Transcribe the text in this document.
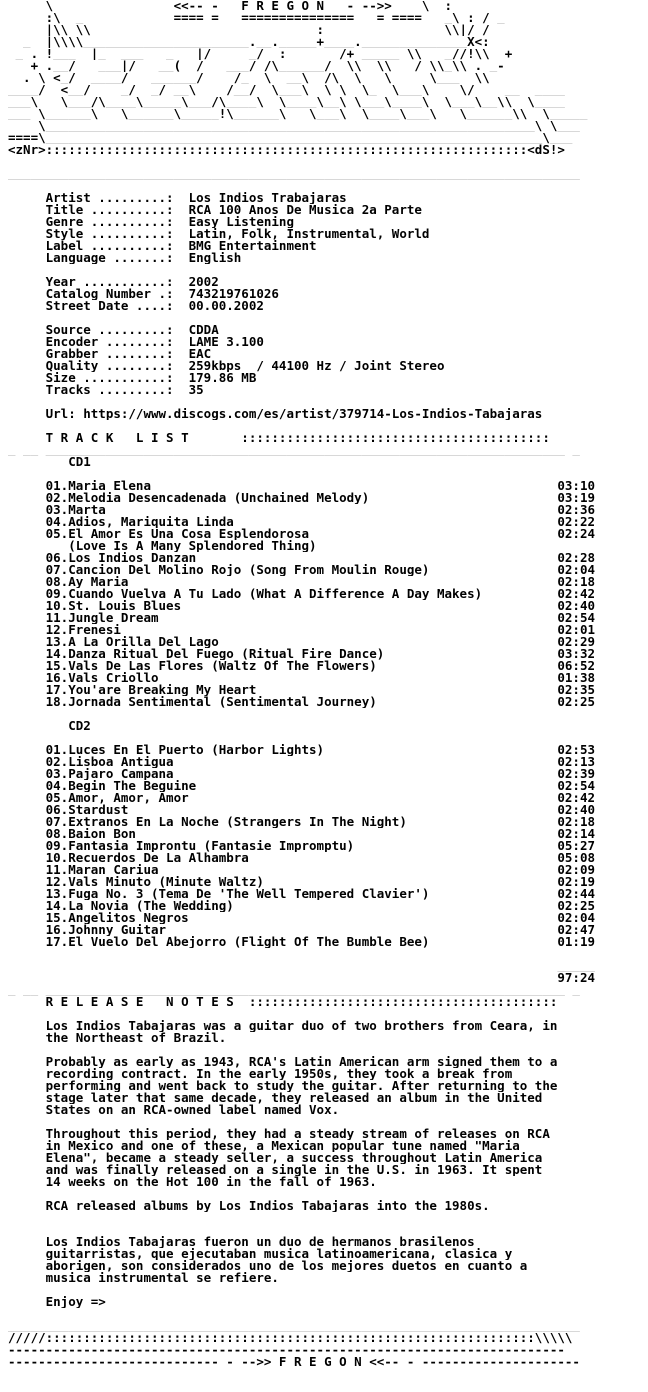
\                <<-- -   F R E G O N   - -->>    \  :
:\  _            ==== =   ===============   = ====   _\ : / _
|\\ \\                              :                \\|/ /
_  |\\\\______________________.__._____+____.______________X<:
_ . !___  |_  ___   _   |/     _/  :       /+ _____ \\   _//!\\  +
+ .__/   ___|/   __(  /   ___/ /\______/  \\  \\   / \\_\\ . _-
. \ <_/  ____/   ______/    /_  \  __\  /\  \   \     \___  \\
____/  <__/    _/  _/ __\    /__/  \___\  \ \  \_  \___\    \/    __  ____
___\   \___/\____\_____\___/\____\  \____\__\ \___\____\  \___\__\\  \____
___ \______\   \______\_____!\______\   \___\  \____\___\   \______\\  \_____
\_________________________________________________________________\ \___
====\__________________________________________________________________\___
<zNr>::::::::::::::::::::::::::::::::::::::::::::::::::::::::::::::::<dS!>

____________________________________________________________________________

Artist .........:  Los Indios Trabajaras
Title ..........:  RCA 100 Anos De Musica 2a Parte
Genre ..........:  Easy Listening
Style ..........:  Latin, Folk, Instrumental, World
Label ..........:  BMG Entertainment
Language .......:  English

Year ...........:  2002
Catalog Number .:  743219761026
Street Date ....:  00.00.2002

Source .........:  CDDA
Encoder ........:  LAME 3.100
Grabber ........:  EAC
Quality ........:  259kbps  / 44100 Hz / Joint Stereo
Size ...........:  179.86 MB
Tracks .........:  35

Url: https://www.discogs.com/es/artist/379714-Los-Indios-Tabajaras

T R A C K   L I S T       :::::::::::::::::::::::::::::::::::::::::
_ __ _____________________________________________________________________ _
CD1

01.Maria Elena                                                      03:10
02.Melodia Desencadenada (Unchained Melody)                         03:19
03.Marta                                                            02:36
04.Adios, Mariquita Linda                                           02:22
05.El Amor Es Una Cosa Esplendorosa                                 02:24
(Love Is A Many Splendored Thing)
06.Los Indios Danzan                                                02:28
07.Cancion Del Molino Rojo (Song From Moulin Rouge)                 02:04
08.Ay Maria                                                         02:18
09.Cuando Vuelva A Tu Lado (What A Difference A Day Makes)          02:42
10.St. Louis Blues                                                  02:40
11.Jungle Dream                                                     02:54
12.Frenesi                                                          02:01
13.A La Orilla Del Lago                                             02:29
14.Danza Ritual Del Fuego (Ritual Fire Dance)                       03:32
15.Vals De Las Flores (Waltz Of The Flowers)                        06:52
16.Vals Criollo                                                     01:38
17.You'are Breaking My Heart                                        02:35
18.Jornada Sentimental (Sentimental Journey)                        02:25

CD2

01.Luces En El Puerto (Harbor Lights)                               02:53
02.Lisboa Antigua                                                   02:13
03.Pajaro Campana                                                   02:39
04.Begin The Beguine                                                02:54
05.Amor, Amor, Amor                                                 02:42
06.Stardust                                                         02:40
07.Extranos En La Noche (Strangers In The Night)                    02:18
08.Baion Bon                                                        02:14
09.Fantasia Improntu (Fantasie Impromptu)                           05:27
10.Recuerdos De La Alhambra                                         05:08
11.Maran Cariua                                                     02:09
12.Vals Minuto (Minute Waltz)                                       02:19
13.Fuga No. 3 (Tema De 'The Well Tempered Clavier')                 02:44
14.La Novia (The Wedding)                                           02:25
15.Angelitos Negros                                                 02:04
16.Johnny Guitar                                                    02:47
17.El Vuelo Del Abejorro (Flight Of The Bumble Bee)                 01:19

_____
97:24
_ __ _____________________________________________________________________ _
R E L E A S E   N O T E S  :::::::::::::::::::::::::::::::::::::::::

Los Indios Tabajaras was a guitar duo of two brothers from Ceara, in
the Northeast of Brazil.

Probably as early as 1943, RCA's Latin American arm signed them to a
recording contract. In the early 1950s, they took a break from
performing and went back to study the guitar. After returning to the
stage later that same decade, they released an album in the United
States on an RCA-owned label named Vox.

Throughout this period, they had a steady stream of releases on RCA
in Mexico and one of these, a Mexican popular tune named "Maria
Elena", became a steady seller, a success throughout Latin America
and was finally released on a single in the U.S. in 1963. It spent
14 weeks on the Hot 100 in the fall of 1963.

RCA released albums by Los Indios Tabajaras into the 1980s.

Los Indios Tabajaras fueron un duo de hermanos brasilenos
guitarristas, que ejecutaban musica latinoamericana, clasica y
aborigen, son considerados uno de los mejores duetos en cuanto a
musica instrumental se refiere.

Enjoy =>

____________________________________________________________________________
/////:::::::::::::::::::::::::::::::::::::::::::::::::::::::::::::::::\\\\\
--------------------------------------------------------------------------
---------------------------- - -->> F R E G O N <<-- - ---------------------
